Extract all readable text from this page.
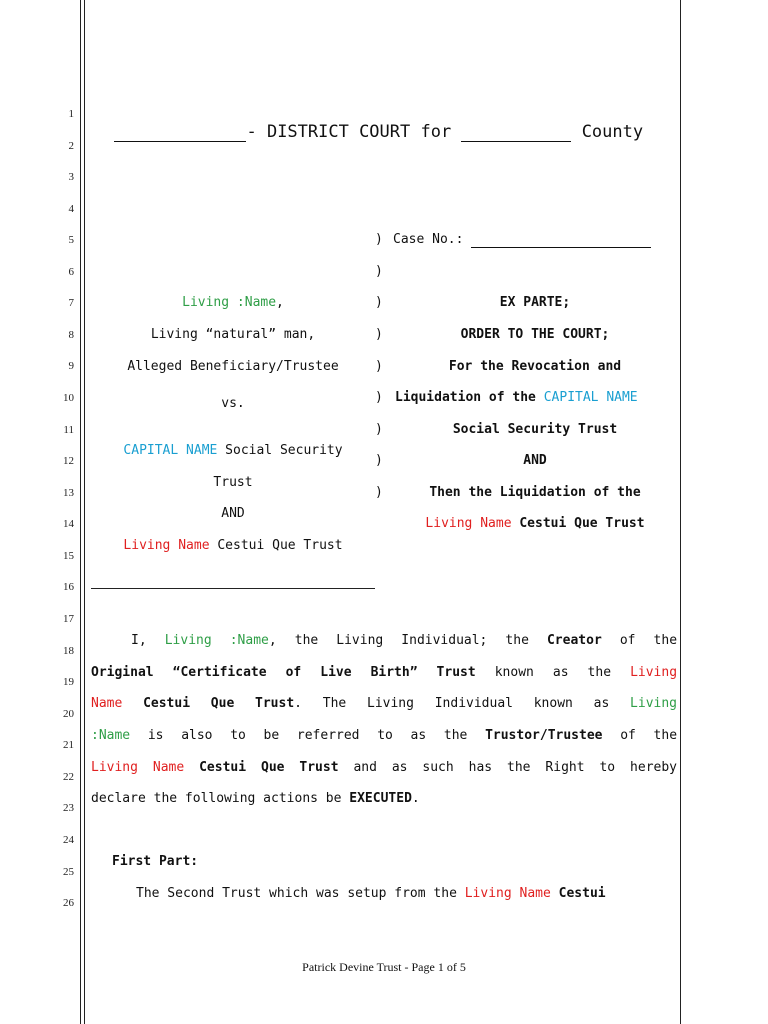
1
2
3
4
5
6
7
8
9
10
11
12
13
14
15
16
17
18
19
20
21
22
23
24
25
26

- DISTRICT COURT for	County

Living :Name,
Living “natural” man,
Alleged Beneficiary/Trustee
vs.
CAPITAL NAME Social Security
Trust
AND
Living Name Cestui Que Trust
)
)
)
)
)
)
)
)
)
Case No.:
EX PARTE;
ORDER TO THE COURT;
For the Revocation and
Liquidation of the CAPITAL NAME
Social Security Trust
AND
Then the Liquidation of the
Living Name Cestui Que Trust
I, Living :Name, the Living Individual; the Creator of the
Original “Certificate of Live Birth” Trust known as the Living
Name Cestui Que Trust. The Living Individual known as Living
:Name is also to be referred to as the Trustor/Trustee of the
Living Name Cestui Que Trust and as such has the Right to hereby
declare the following actions be EXECUTED.
First Part:
The Second Trust which was setup from the Living Name Cestui
Patrick Devine Trust - Page 1 of 5
